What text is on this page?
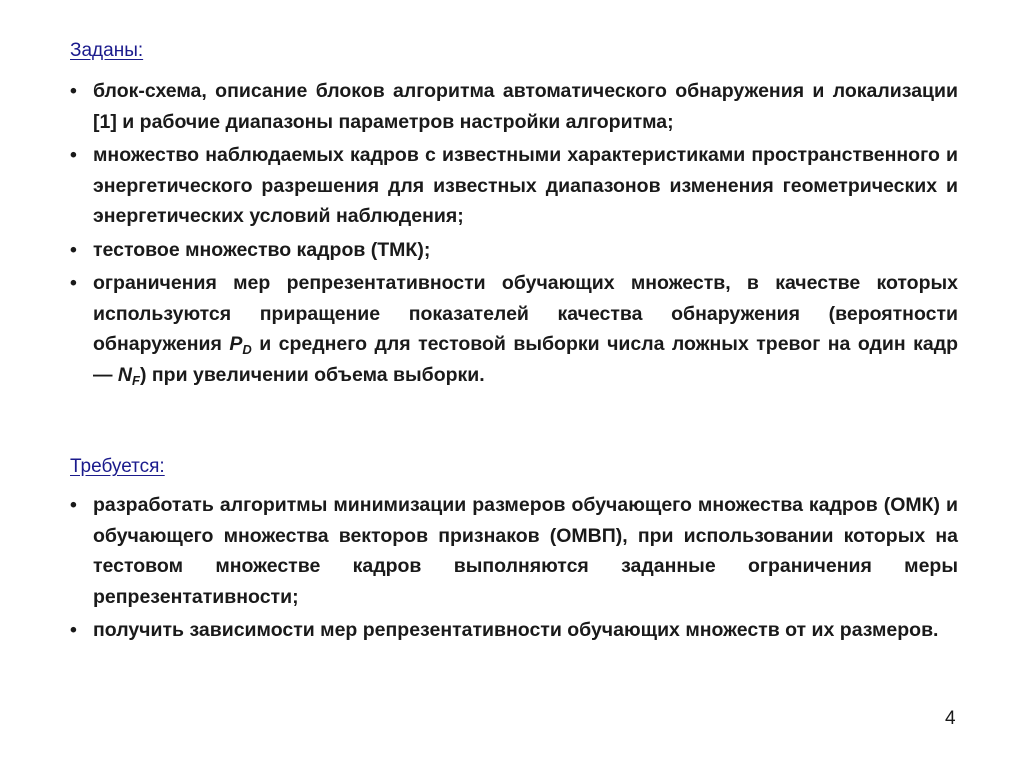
Заданы:
• блок-схема, описание блоков алгоритма автоматического обнаружения и локализации [1] и рабочие диапазоны параметров настройки алгоритма;
• множество наблюдаемых кадров с известными характеристиками пространственного и энергетического разрешения для известных диапазонов изменения геометрических и энергетических условий наблюдения;
• тестовое множество кадров (ТМК);
• ограничения мер репрезентативности обучающих множеств, в качестве которых используются приращение показателей качества обнаружения (вероятности обнаружения $P_D$ и среднего для тестовой выборки числа ложных тревог на один кадр — $N_F$) при увеличении объема выборки.
Требуется:
• разработать алгоритмы минимизации размеров обучающего множества кадров (ОМК) и обучающего множества векторов признаков (ОМВП), при использовании которых на тестовом множестве кадров выполняются заданные ограничения меры репрезентативности;
• получить зависимости мер репрезентативности обучающих множеств от их размеров.
4
